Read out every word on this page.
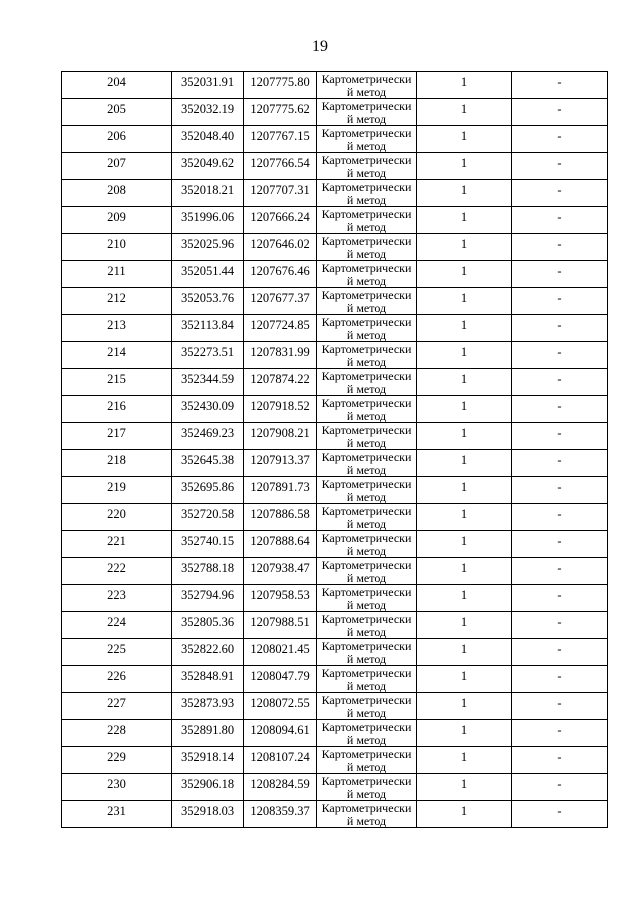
19
204	352031.91	1207775.80	Картометрически
й метод	1	-

205	352032.19	1207775.62	Картометрически
й метод	1	-

206	352048.40	1207767.15	Картометрически
й метод	1	-

207	352049.62	1207766.54	Картометрически
й метод	1	-

208	352018.21	1207707.31	Картометрически
й метод	1	-

209	351996.06	1207666.24	Картометрически
й метод	1	-

210	352025.96	1207646.02	Картометрически
й метод	1	-

211	352051.44	1207676.46	Картометрически
й метод	1	-

212	352053.76	1207677.37	Картометрически
й метод	1	-

213	352113.84	1207724.85	Картометрически
й метод	1	-

214	352273.51	1207831.99	Картометрически
й метод	1	-

215	352344.59	1207874.22	Картометрически
й метод	1	-

216	352430.09	1207918.52	Картометрически
й метод	1	-

217	352469.23	1207908.21	Картометрически
й метод	1	-

218	352645.38	1207913.37	Картометрически
й метод	1	-

219	352695.86	1207891.73	Картометрически
й метод	1	-

220	352720.58	1207886.58	Картометрически
й метод	1	-

221	352740.15	1207888.64	Картометрически
й метод	1	-

222	352788.18	1207938.47	Картометрически
й метод	1	-

223	352794.96	1207958.53	Картометрически
й метод	1	-

224	352805.36	1207988.51	Картометрически
й метод	1	-

225	352822.60	1208021.45	Картометрически
й метод	1	-

226	352848.91	1208047.79	Картометрически
й метод	1	-

227	352873.93	1208072.55	Картометрически
й метод	1	-

228	352891.80	1208094.61	Картометрически
й метод	1	-

229	352918.14	1208107.24	Картометрически
й метод	1	-

230	352906.18	1208284.59	Картометрически
й метод	1	-

231	352918.03	1208359.37	Картометрически
й метод	1	-
